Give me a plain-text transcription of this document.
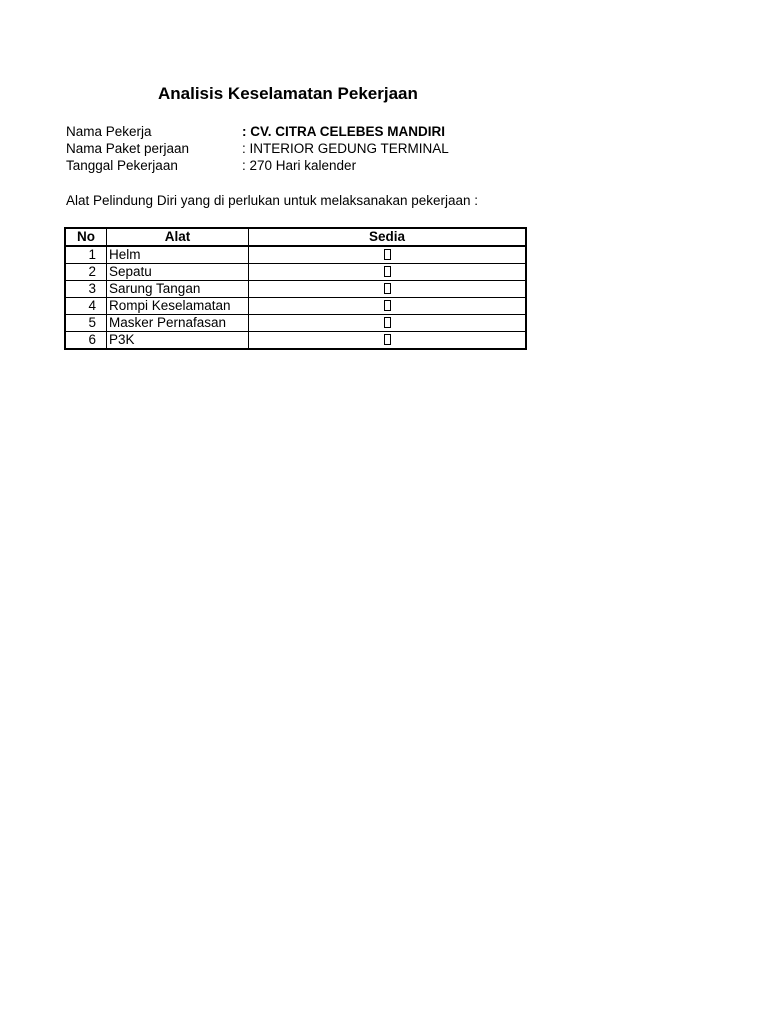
Analisis Keselamatan Pekerjaan
Nama Pekerja	: CV. CITRA CELEBES MANDIRI
Nama Paket perjaan	: INTERIOR GEDUNG TERMINAL
Tanggal Pekerjaan	: 270 Hari kalender
Alat Pelindung Diri yang di perlukan untuk melaksanakan pekerjaan :
No	Alat	Sedia
1	Helm	
2	Sepatu	
3	Sarung Tangan	
4	Rompi Keselamatan	
5	Masker Pernafasan	
6	P3K	
